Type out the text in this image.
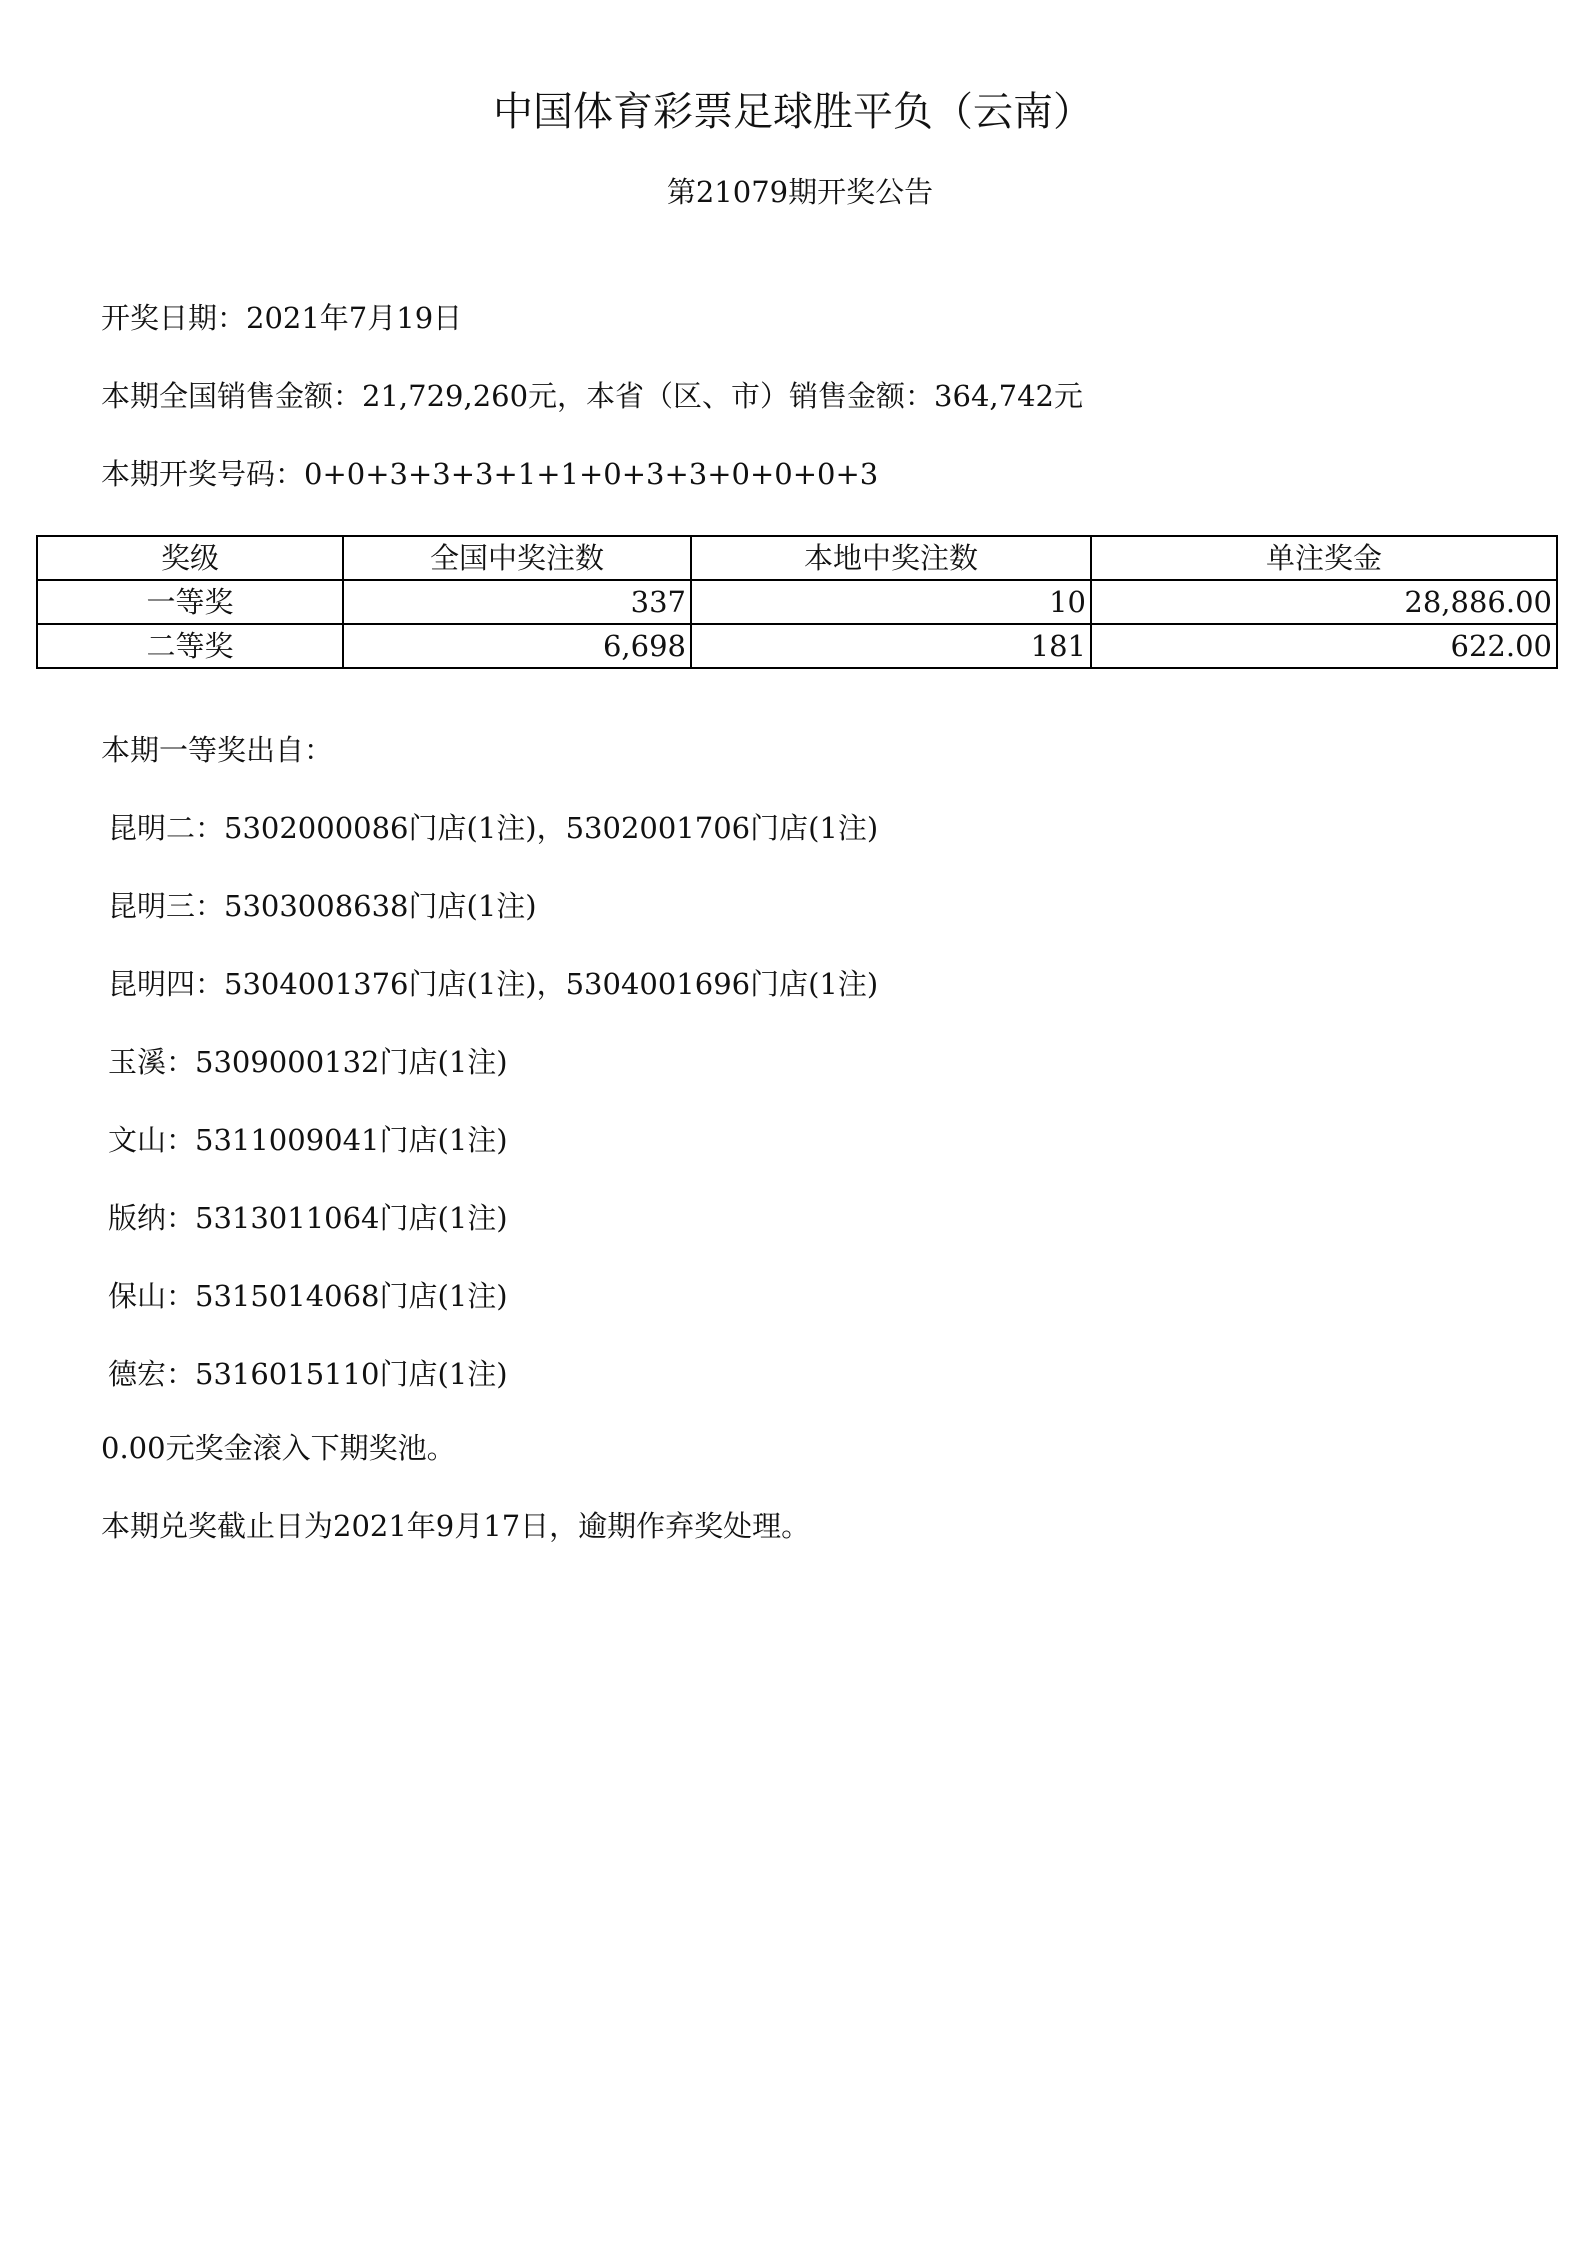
中国体育彩票足球胜平负（云南）
第21079期开奖公告
开奖日期：2021年7月19日
本期全国销售金额：21,729,260元，本省（区、市）销售金额：364,742元
本期开奖号码：0+0+3+3+3+1+1+0+3+3+0+0+0+3
奖级	全国中奖注数	本地中奖注数	单注奖金
一等奖	337	10	28,886.00
二等奖	6,698	181	622.00
本期一等奖出自：
昆明二：5302000086门店(1注)，5302001706门店(1注)
昆明三：5303008638门店(1注)
昆明四：5304001376门店(1注)，5304001696门店(1注)
玉溪：5309000132门店(1注)
文山：5311009041门店(1注)
版纳：5313011064门店(1注)
保山：5315014068门店(1注)
德宏：5316015110门店(1注)
0.00元奖金滚入下期奖池。
本期兑奖截止日为2021年9月17日，逾期作弃奖处理。
